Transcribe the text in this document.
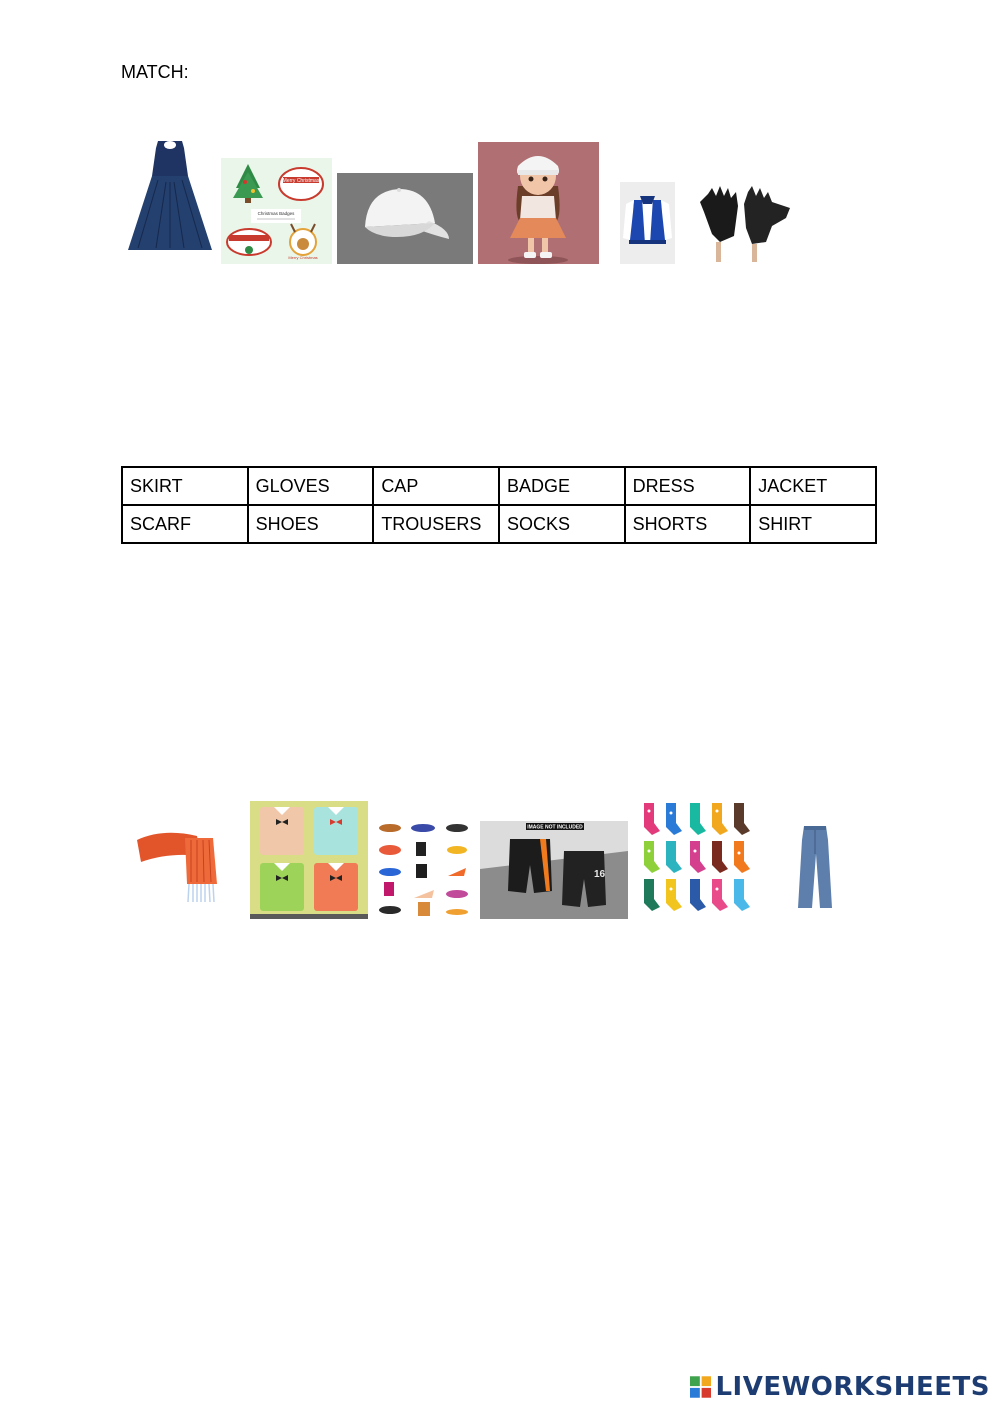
MATCH:
Merry Christmas
Christmas Badges
Merry Christmas
SKIRT	GLOVES	CAP	BADGE	DRESS	JACKET
SCARF	SHOES	TROUSERS	SOCKS	SHORTS	SHIRT
IMAGE NOT INCLUDED
16
LIVEWORKSHEETS
